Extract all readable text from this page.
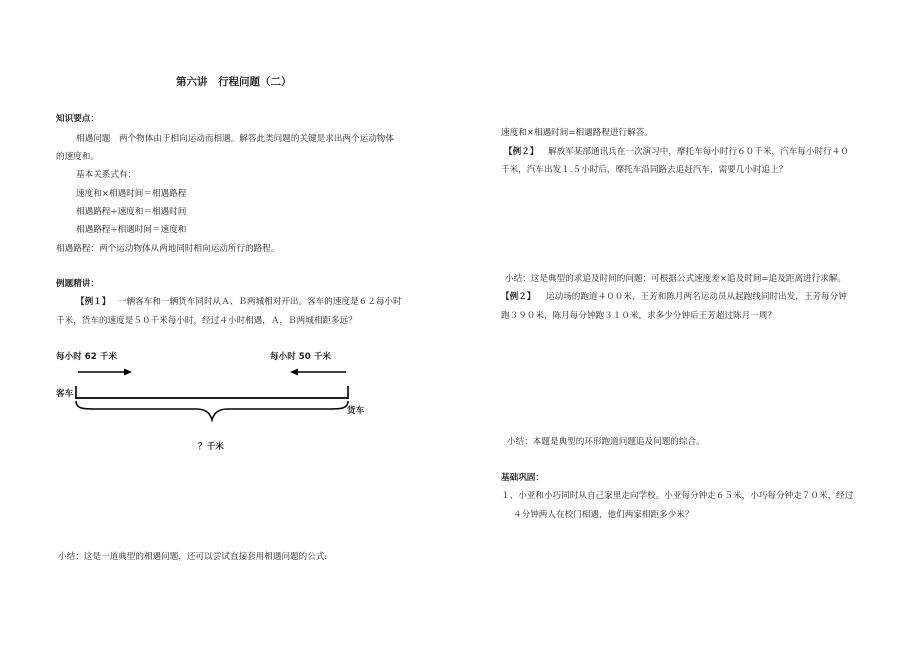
第六讲　行程问题（二）
知识要点：
相遇问题　两个物体由于相向运动而相遇。解答此类问题的关键是求出两个运动物体
的速度和。
基本关系式有：
速度和×相遇时间＝相遇路程
相遇路程÷速度和＝相遇时间
相遇路程÷相遇时间＝速度和
相遇路程：两个运动物体从两地同时相向运动所行的路程。
例题精讲：
【例１】 一辆客车和一辆货车同时从Ａ、Ｂ两城相对开出。客车的速度是６２每小时
千米，货车的速度是５０千米每小时，经过４小时相遇，Ａ，Ｂ两城相距多远？
每小时 62 千米	每小时 50 千米
客车
货车
？千米
小结：这是一道典型的相遇问题，还可以尝试直接套用相遇问题的公式:
速度和×相遇时间=相遇路程进行解答。
【例２】 解放军某部通讯兵在一次演习中，摩托车每小时行６０千米，汽车每小时行４０
千米，汽车出发１.５小时后，摩托车沿同路去追赶汽车，需要几小时追上？
小结：这是典型的求追及时间的问题：可根据公式速度差×追及时间=追及距离进行求解。
【例２】 运动场的跑道４００米，王芳和陈月两名运动员从起跑线同时出发，王芳每分钟
跑３９０米，陈月每分钟跑３１０米，求多少分钟后王芳超过陈月一周？
小结：本题是典型的环形跑道问题追及问题的综合。
基础巩固：
１、小亚和小巧同时从自己家里走向学校。小亚每分钟走６５米，小巧每分钟走７０米，经过
４分钟两人在校门相遇，他们两家相距多少米？
